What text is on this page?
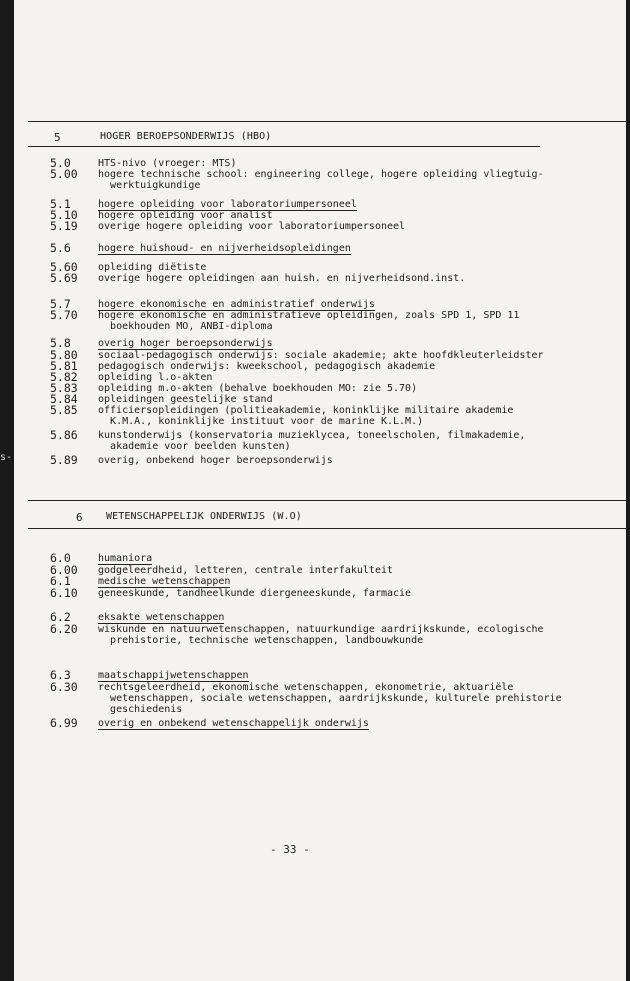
s-
5	HOGER BEROEPSONDERWIJS (HBO)
5.0	HTS-nivo (vroeger: MTS)
5.00 hogere technische school: engineering college, hogere opleiding vliegtuig-
werktuigkundige
5.1	hogere opleiding voor laboratoriumpersoneel
5.10 hogere opleiding voor analist
5.19 overige hogere opleiding voor laboratoriumpersoneel
5.6	hogere huishoud- en nijverheidsopleidingen
5.60 opleiding diëtiste
5.69 overige hogere opleidingen aan huish. en nijverheidsond.inst.
5.7	hogere ekonomische en administratief onderwijs
5.70 hogere ekonomische en administratieve opleidingen, zoals SPD 1, SPD 11
boekhouden MO, ANBI-diploma
5.8	overig hoger beroepsonderwijs
5.80 sociaal-pedagogisch onderwijs: sociale akademie; akte hoofdkleuterleidster
5.81 pedagogisch onderwijs: kweekschool, pedagogisch akademie
5.82 opleiding l.o-akten
5.83 opleiding m.o-akten (behalve boekhouden MO: zie 5.70)
5.84 opleidingen geestelijke stand
5.85 officiersopleidingen (politieakademie, koninklijke militaire akademie
K.M.A., koninklijke instituut voor de marine K.L.M.)
5.86 kunstonderwijs (konservatoria muzieklycea, toneelscholen, filmakademie,
akademie voor beelden kunsten)
5.89 overig, onbekend hoger beroepsonderwijs
6 WETENSCHAPPELIJK ONDERWIJS (W.O)
6.0	humaniora
6.00 godgeleerdheid, letteren, centrale interfakulteit
6.1	medische wetenschappen
6.10 geneeskunde, tandheelkunde diergeneeskunde, farmacie
6.2	eksakte wetenschappen
6.20 wiskunde en natuurwetenschappen, natuurkundige aardrijkskunde, ecologische
prehistorie, technische wetenschappen, landbouwkunde
6.3	maatschappijwetenschappen
6.30 rechtsgeleerdheid, ekonomische wetenschappen, ekonometrie, aktuariële
wetenschappen, sociale wetenschappen, aardrijkskunde, kulturele prehistorie
geschiedenis
6.99 overig en onbekend wetenschappelijk onderwijs
- 33 -
